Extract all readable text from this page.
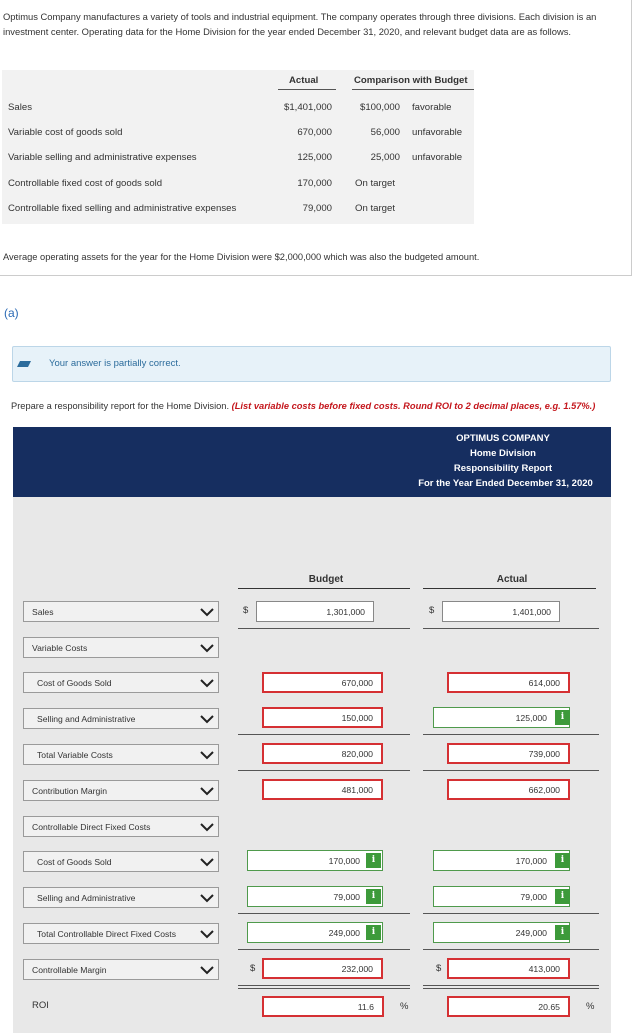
Optimus Company manufactures a variety of tools and industrial equipment. The company operates through three divisions. Each division is an investment center. Operating data for the Home Division for the year ended December 31, 2020, and relevant budget data are as follows.

Actual	Comparison with Budget
Sales	$1,401,000	$100,000 favorable
Variable cost of goods sold	670,000	56,000 unfavorable
Variable selling and administrative expenses	125,000	25,000 unfavorable
Controllable fixed cost of goods sold	170,000 On target
Controllable fixed selling and administrative expenses	79,000 On target

Average operating assets for the year for the Home Division were $2,000,000 which was also the budgeted amount.

(a)
Your answer is partially correct.
Prepare a responsibility report for the Home Division. (List variable costs before fixed costs. Round ROI to 2 decimal places, e.g. 1.57%.)
OPTIMUS COMPANY
Home Division
Responsibility Report
For the Year Ended December 31, 2020
Budget	Actual
Sales	$	1,301,000	$	1,401,000
Variable Costs
Cost of Goods Sold	670,000	614,000
Selling and Administrative	150,000	125,000	i
Total Variable Costs	820,000	739,000
Contribution Margin	481,000	662,000
Controllable Direct Fixed Costs
Cost of Goods Sold	170,000	i	170,000	i
Selling and Administrative	79,000	i	79,000	i
Total Controllable Direct Fixed Costs	249,000	i	249,000	i
Controllable Margin	$	232,000	$	413,000
ROI	11.6	%	20.65	%
